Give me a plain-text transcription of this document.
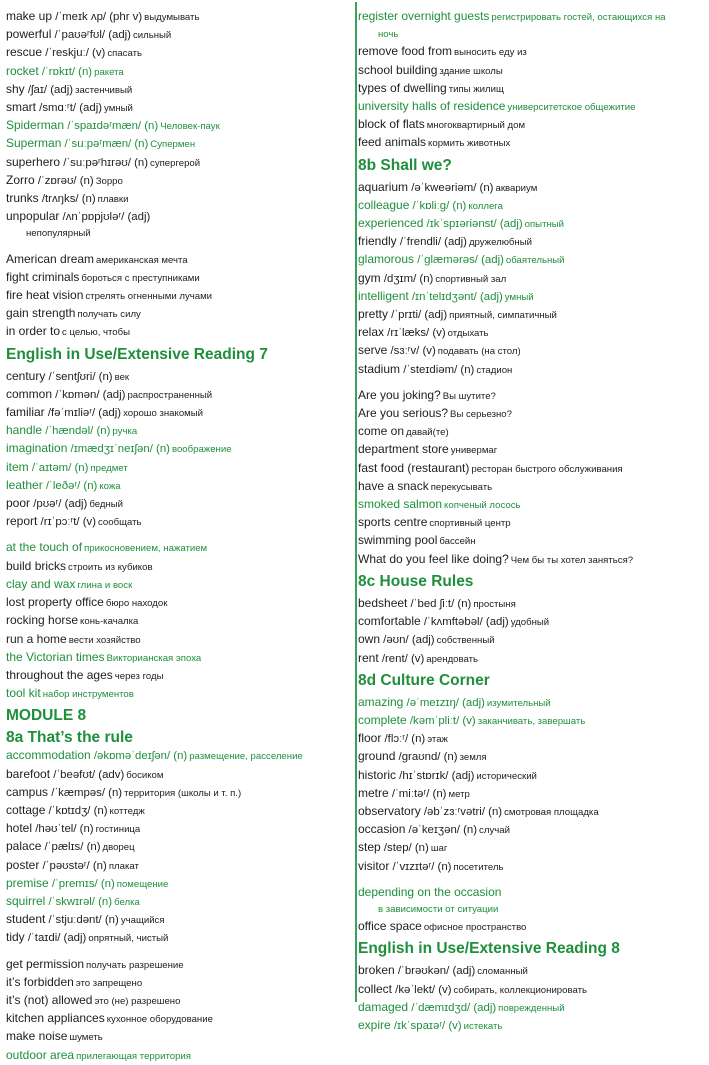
make up /ˈmeɪk ʌp/ (phr v) выдумывать
powerful /ˈpaʊəʳfʊl/ (adj) сильный
rescue /ˈreskjuː/ (v) спасать
rocket /ˈrɒkɪt/ (n) ракета
shy /ʃaɪ/ (adj) застенчивый
smart /smɑːʳt/ (adj) умный
Spiderman /ˈspaɪdəʳmæn/ (n) Человек-паук
Superman /ˈsuːpəʳmæn/ (n) Супермен
superhero /ˈsuːpəʳhɪrəʊ/ (n) супергерой
Zorro /ˈzɒrəʊ/ (n) Зорро
trunks /trʌŋks/ (n) плавки
unpopular /ʌnˈpɒpjʊləʳ/ (adj)
непопулярный
American dream американская мечта
fight criminals бороться с преступниками
fire heat vision стрелять огненными лучами
gain strength получать силу
in order to с целью, чтобы
English in Use/Extensive Reading 7
century /ˈsentʃʊri/ (n) век
common /ˈkɒmən/ (adj) распространенный
familiar /fəˈmɪliəʳ/ (adj) хорошо знакомый
handle /ˈhændəl/ (n) ручка
imagination /ɪmædʒɪˈneɪʃən/ (n) воображение
item /ˈaɪtəm/ (n) предмет
leather /ˈleðəʳ/ (n) кожа
poor /pʊəʳ/ (adj) бедный
report /rɪˈpɔːʳt/ (v) сообщать
at the touch of прикосновением, нажатием
build bricks строить из кубиков
clay and wax глина и воск
lost property office бюро находок
rocking horse конь-качалка
run a home вести хозяйство
the Victorian times Викторианская эпоха
throughout the ages через годы
tool kit набор инструментов
MODULE 8
8a That’s the rule
accommodation /əkɒməˈdeɪʃən/ (n) размещение, расселение
barefoot /ˈbeəfʊt/ (adv) босиком
campus /ˈkæmpəs/ (n) территория (школы и т. п.)
cottage /ˈkɒtɪdʒ/ (n) коттедж
hotel /həʊˈtel/ (n) гостиница
palace /ˈpælɪs/ (n) дворец
poster /ˈpəʊstəʳ/ (n) плакат
premise /ˈpremɪs/ (n) помещение
squirrel /ˈskwɪrəl/ (n) белка
student /ˈstjuːdənt/ (n) учащийся
tidy /ˈtaɪdi/ (adj) опрятный, чистый
get permission получать разрешение
it’s forbidden это запрещено
it’s (not) allowed это (не) разрешено
kitchen appliances кухонное оборудование
make noise шуметь
outdoor area прилегающая территория
register overnight guests регистрировать гостей, остающихся на
ночь
remove food from выносить еду из
school building здание школы
types of dwelling типы жилищ
university halls of residence университетское общежитие
block of flats многоквартирный дом
feed animals кормить животных
8b Shall we?
aquarium /əˈkweəriəm/ (n) аквариум
colleague /ˈkɒliːg/ (n) коллега
experienced /ɪkˈspɪəriənst/ (adj) опытный
friendly /ˈfrendli/ (adj) дружелюбный
glamorous /ˈglæmərəs/ (adj) обаятельный
gym /dʒɪm/ (n) спортивный зал
intelligent /ɪnˈtelɪdʒənt/ (adj) умный
pretty /ˈprɪti/ (adj) приятный, симпатичный
relax /rɪˈlæks/ (v) отдыхать
serve /sɜːʳv/ (v) подавать (на стол)
stadium /ˈsteɪdiəm/ (n) стадион
Are you joking? Вы шутите?
Are you serious? Вы серьезно?
come on давай(те)
department store универмаг
fast food (restaurant) ресторан быстрого обслуживания
have a snack перекусывать
smoked salmon копченый лосось
sports centre спортивный центр
swimming pool бассейн
What do you feel like doing? Чем бы ты хотел заняться?
8c House Rules
bedsheet /ˈbed ʃiːt/ (n) простыня
comfortable /ˈkʌmftəbəl/ (adj) удобный
own /əʊn/ (adj) собственный
rent /rent/ (v) арендовать
8d Culture Corner
amazing /əˈmeɪzɪŋ/ (adj) изумительный
complete /kəmˈpliːt/ (v) заканчивать, завершать
floor /flɔːʳ/ (n) этаж
ground /graʊnd/ (n) земля
historic /hɪˈstɒrɪk/ (adj) исторический
metre /ˈmiːtəʳ/ (n) метр
observatory /əbˈzɜːʳvətri/ (n) смотровая площадка
occasion /əˈkeɪʒən/ (n) случай
step /step/ (n) шаг
visitor /ˈvɪzɪtəʳ/ (n) посетитель
depending on the occasion
в зависимости от ситуации
office space офисное пространство
English in Use/Extensive Reading 8
broken /ˈbrəʊkən/ (adj) сломанный
collect /kəˈlekt/ (v) собирать, коллекционировать
damaged /ˈdæmɪdʒd/ (adj) поврежденный
expire /ɪkˈspaɪəʳ/ (v) истекать
